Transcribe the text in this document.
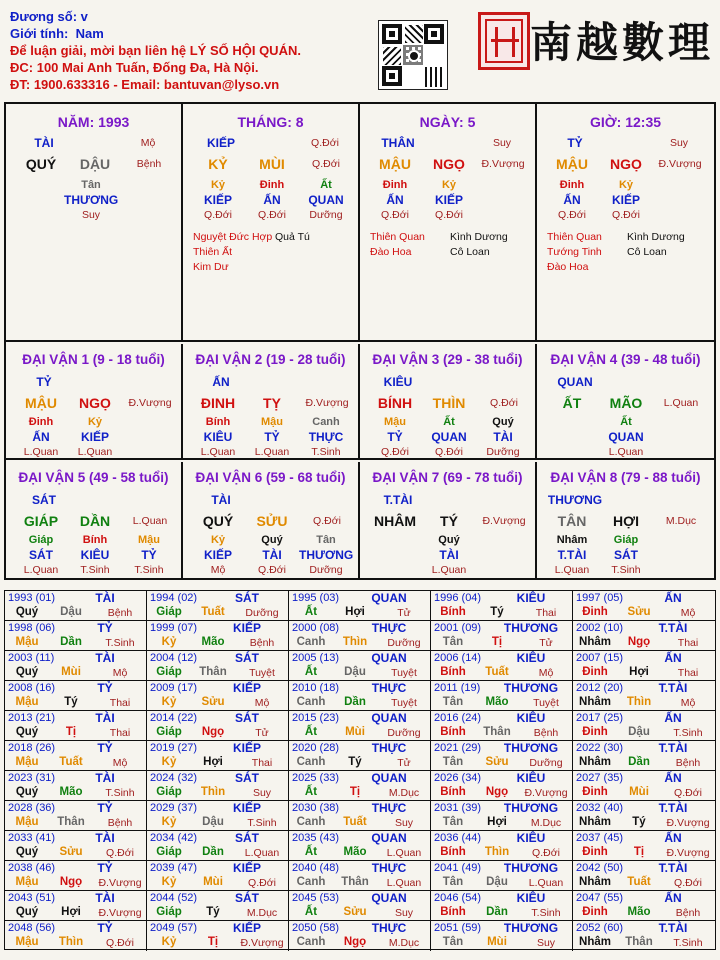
Đương số: v
Giới tính: Nam
Để luận giải, mời bạn liên hệ LÝ SỐ HỘI QUÁN.
ĐC: 100 Mai Anh Tuấn, Đống Đa, Hà Nội.
ĐT: 1900.633316 - Email: bantuvan@lyso.vn
南越數理
NĂM: 1993
TÀI	Mộ
QUÝ	DẬU	Bệnh
Tân
THƯƠNG
Suy
THÁNG: 8
KIẾP	Q.Đới
KỶ	MÙI	Q.Đới
Kỷ
KIẾP
Q.Đới
Đinh
ẤN
Q.Đới
Ất
QUAN
Dưỡng
Nguyệt Đức Hợp
Thiên Ất
Kim Dư
Quả Tú
NGÀY: 5
THÂN	Suy
MẬU	NGỌ	Đ.Vượng
Đinh
ẤN
Q.Đới
Kỷ
KIẾP
Q.Đới
Thiên Quan
Đào Hoa
Kình Dương
Cô Loan
GIỜ: 12:35
TỶ	Suy
MẬU	NGỌ	Đ.Vượng
Đinh
ẤN
Q.Đới
Kỷ
KIẾP
Q.Đới
Thiên Quan
Tướng Tinh
Đào Hoa
Kình Dương
Cô Loan
ĐẠI VẬN 1 (9 - 18 tuổi)
TỶ
MẬU	NGỌ	Đ.Vượng
Đinh
ẤN
L.Quan
Kỷ
KIẾP
L.Quan
ĐẠI VẬN 2 (19 - 28 tuổi)
ẤN
ĐINH	TỴ	Đ.Vượng
Bính
KIÊU
L.Quan
Mậu
TỶ
L.Quan
Canh
THỰC
T.Sinh
ĐẠI VẬN 3 (29 - 38 tuổi)
KIÊU
BÍNH	THÌN	Q.Đới
Mậu
TỶ
Q.Đới
Ất
QUAN
Q.Đới
Quý
TÀI
Dưỡng
ĐẠI VẬN 4 (39 - 48 tuổi)
QUAN
ẤT	MÃO	L.Quan
Ất
QUAN
L.Quan
ĐẠI VẬN 5 (49 - 58 tuổi)
SÁT
GIÁP	DẦN	L.Quan
Giáp
SÁT
L.Quan
Bính
KIÊU
T.Sinh
Mậu
TỶ
T.Sinh
ĐẠI VẬN 6 (59 - 68 tuổi)
TÀI
QUÝ	SỬU	Q.Đới
Kỷ
KIẾP
Mộ
Quý
TÀI
Q.Đới
Tân
THƯƠNG
Dưỡng
ĐẠI VẬN 7 (69 - 78 tuổi)
T.TÀI
NHÂM	TÝ	Đ.Vượng
Quý
TÀI
L.Quan
ĐẠI VẬN 8 (79 - 88 tuổi)
THƯƠNG
TÂN	HỢI	M.Dục
Nhâm
T.TÀI
L.Quan
Giáp
SÁT
T.Sinh
1993 (01)	TÀI
Quý	Dậu	Bệnh
1994 (02)	SÁT
Giáp	Tuất	Dưỡng
1995 (03)	QUAN
Ất	Hợi	Tử
1996 (04)	KIÊU
Bính	Tý	Thai
1997 (05)	ẤN
Đinh	Sửu	Mộ
1998 (06)	TỶ
Mậu	Dần	T.Sinh
1999 (07)	KIẾP
Kỷ	Mão	Bệnh
2000 (08)	THỰC
Canh	Thìn	Dưỡng
2001 (09) THƯƠNG
Tân	Tị	Tử
2002 (10)	T.TÀI
Nhâm	Ngọ	Thai
2003 (11)	TÀI
Quý	Mùi	Mộ
2004 (12)	SÁT
Giáp	Thân	Tuyệt
2005 (13)	QUAN
Ất	Dậu	Tuyệt
2006 (14)	KIÊU
Bính	Tuất	Mộ
2007 (15)	ẤN
Đinh	Hợi	Thai
2008 (16)	TỶ
Mậu	Tý	Thai
2009 (17)	KIẾP
Kỷ	Sửu	Mộ
2010 (18)	THỰC
Canh	Dần	Tuyệt
2011 (19) THƯƠNG
Tân	Mão	Tuyệt
2012 (20)	T.TÀI
Nhâm	Thìn	Mộ
2013 (21)	TÀI
Quý	Tị	Thai
2014 (22)	SÁT
Giáp	Ngọ	Tử
2015 (23)	QUAN
Ất	Mùi	Dưỡng
2016 (24)	KIÊU
Bính	Thân	Bệnh
2017 (25)	ẤN
Đinh	Dậu	T.Sinh
2018 (26)	TỶ
Mậu	Tuất	Mộ
2019 (27)	KIẾP
Kỷ	Hợi	Thai
2020 (28)	THỰC
Canh	Tý	Tử
2021 (29) THƯƠNG
Tân	Sửu	Dưỡng
2022 (30)	T.TÀI
Nhâm	Dần	Bệnh
2023 (31)	TÀI
Quý	Mão	T.Sinh
2024 (32)	SÁT
Giáp	Thìn	Suy
2025 (33)	QUAN
Ất	Tị	M.Dục
2026 (34)	KIÊU
Bính	Ngọ	Đ.Vượng
2027 (35)	ẤN
Đinh	Mùi	Q.Đới
2028 (36)	TỶ
Mậu	Thân	Bệnh
2029 (37)	KIẾP
Kỷ	Dậu	T.Sinh
2030 (38)	THỰC
Canh	Tuất	Suy
2031 (39) THƯƠNG
Tân	Hợi	M.Dục
2032 (40)	T.TÀI
Nhâm	Tý	Đ.Vượng
2033 (41)	TÀI
Quý	Sửu	Q.Đới
2034 (42)	SÁT
Giáp	Dần	L.Quan
2035 (43)	QUAN
Ất	Mão	L.Quan
2036 (44)	KIÊU
Bính	Thìn	Q.Đới
2037 (45)	ẤN
Đinh	Tị	Đ.Vượng
2038 (46)	TỶ
Mậu	Ngọ	Đ.Vượng
2039 (47)	KIẾP
Kỷ	Mùi	Q.Đới
2040 (48)	THỰC
Canh	Thân	L.Quan
2041 (49) THƯƠNG
Tân	Dậu	L.Quan
2042 (50)	T.TÀI
Nhâm	Tuất	Q.Đới
2043 (51)	TÀI
Quý	Hợi	Đ.Vượng
2044 (52)	SÁT
Giáp	Tý	M.Dục
2045 (53)	QUAN
Ất	Sửu	Suy
2046 (54)	KIÊU
Bính	Dần	T.Sinh
2047 (55)	ẤN
Đinh	Mão	Bệnh
2048 (56)	TỶ
Mậu	Thìn	Q.Đới
2049 (57)	KIẾP
Kỷ	Tị	Đ.Vượng
2050 (58)	THỰC
Canh	Ngọ	M.Dục
2051 (59) THƯƠNG
Tân	Mùi	Suy
2052 (60)	T.TÀI
Nhâm	Thân	T.Sinh
